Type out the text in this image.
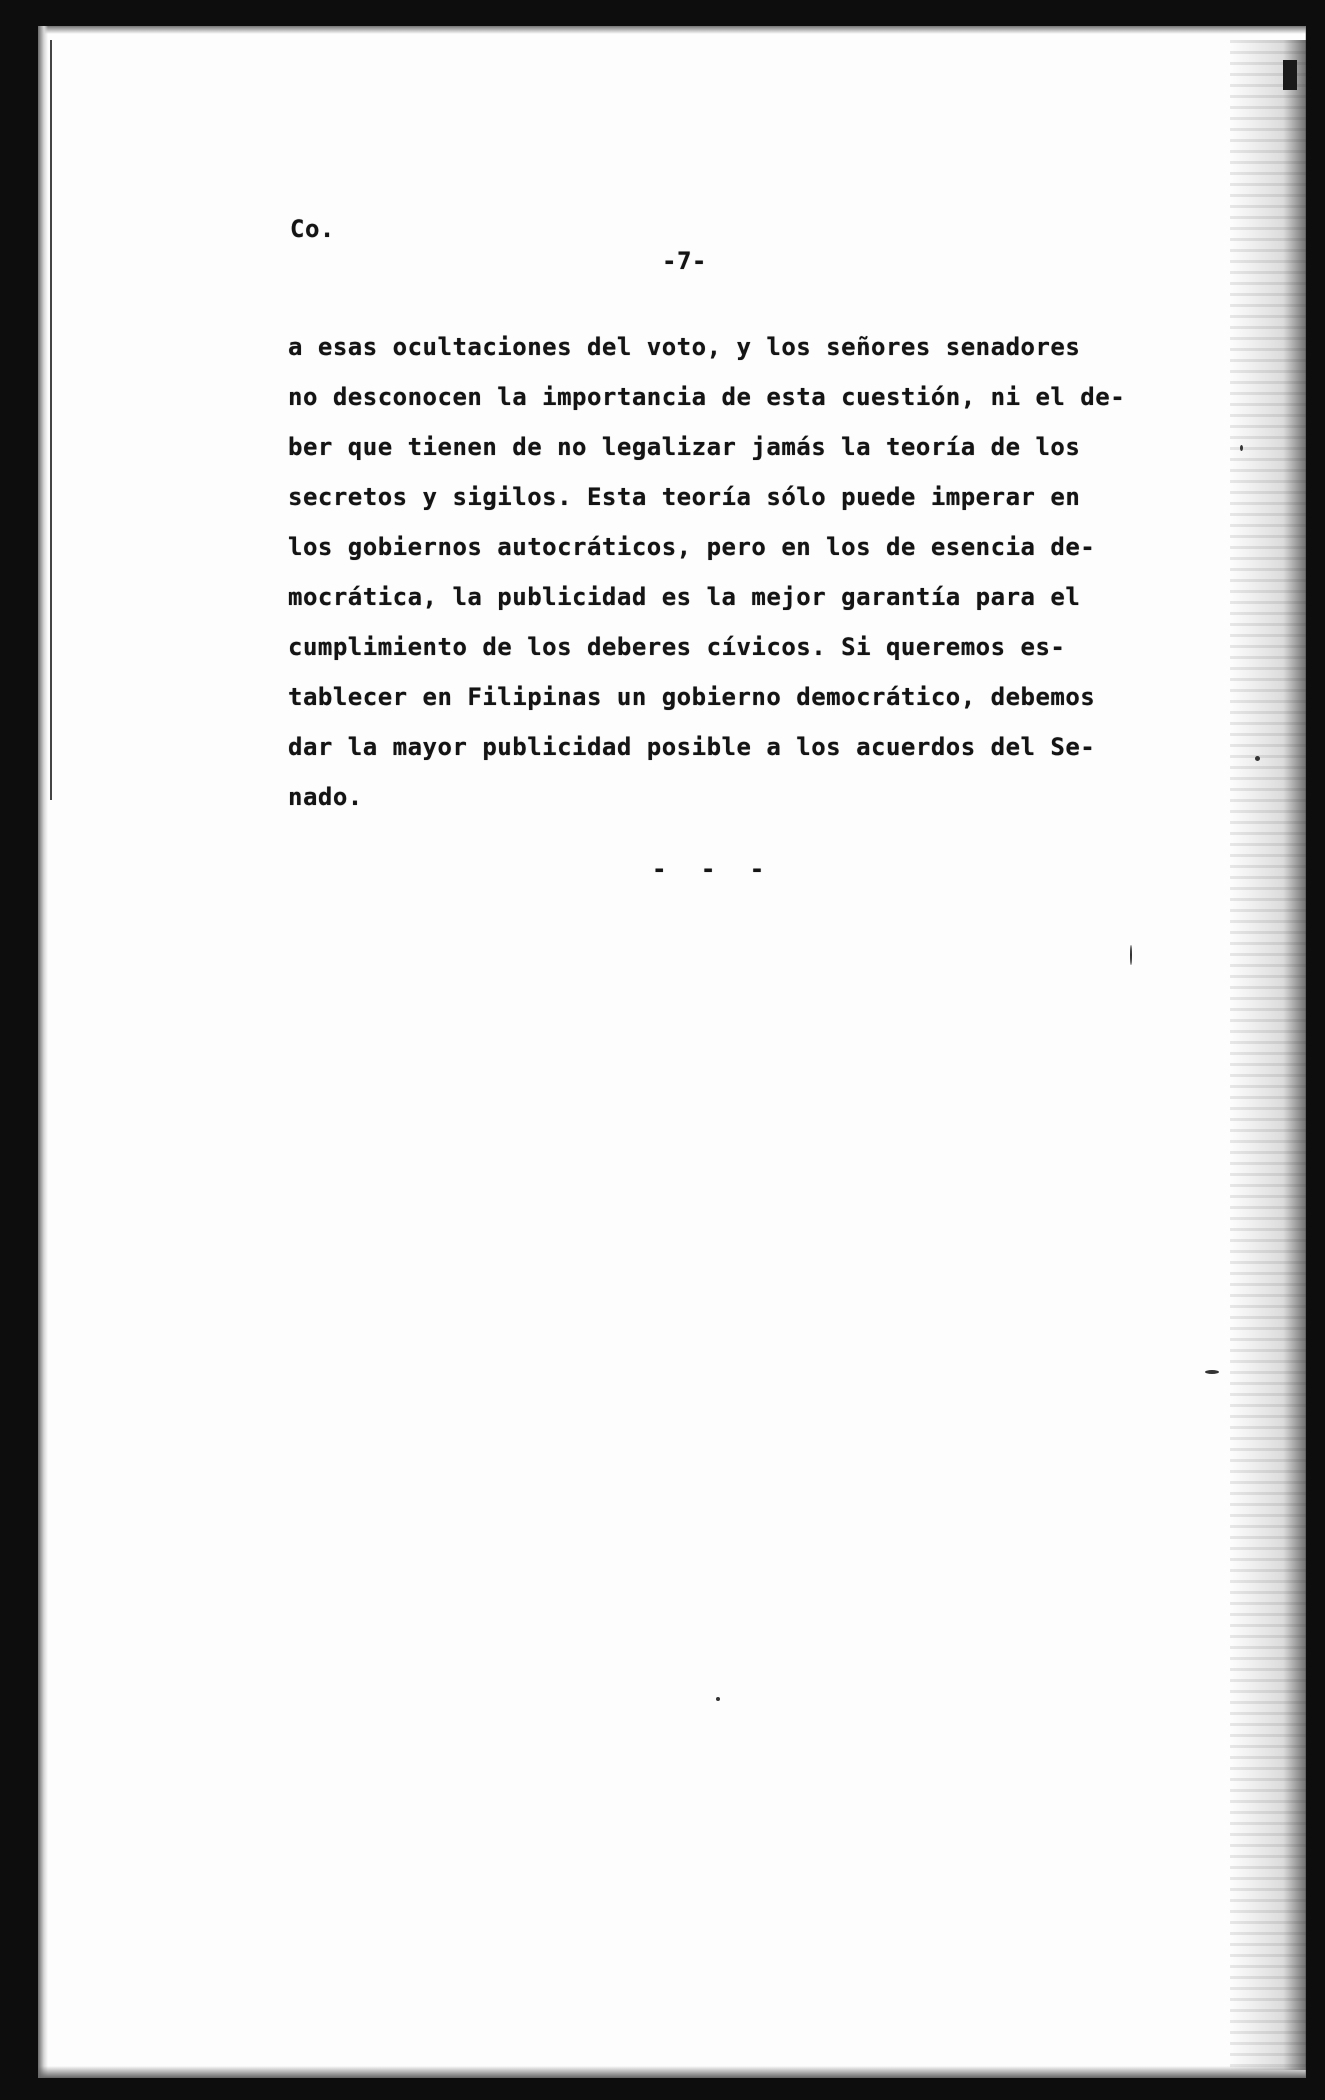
Co.
-7-
a esas ocultaciones del voto, y los señores senadores
no desconocen la importancia de esta cuestión, ni el de-
ber que tienen de no legalizar jamás la teoría de los
secretos y sigilos. Esta teoría sólo puede imperar en
los gobiernos autocráticos, pero en los de esencia de-
mocrática, la publicidad es la mejor garantía para el
cumplimiento de los deberes cívicos. Si queremos es-
tablecer en Filipinas un gobierno democrático, debemos
dar la mayor publicidad posible a los acuerdos del Se-
nado.
- - -
